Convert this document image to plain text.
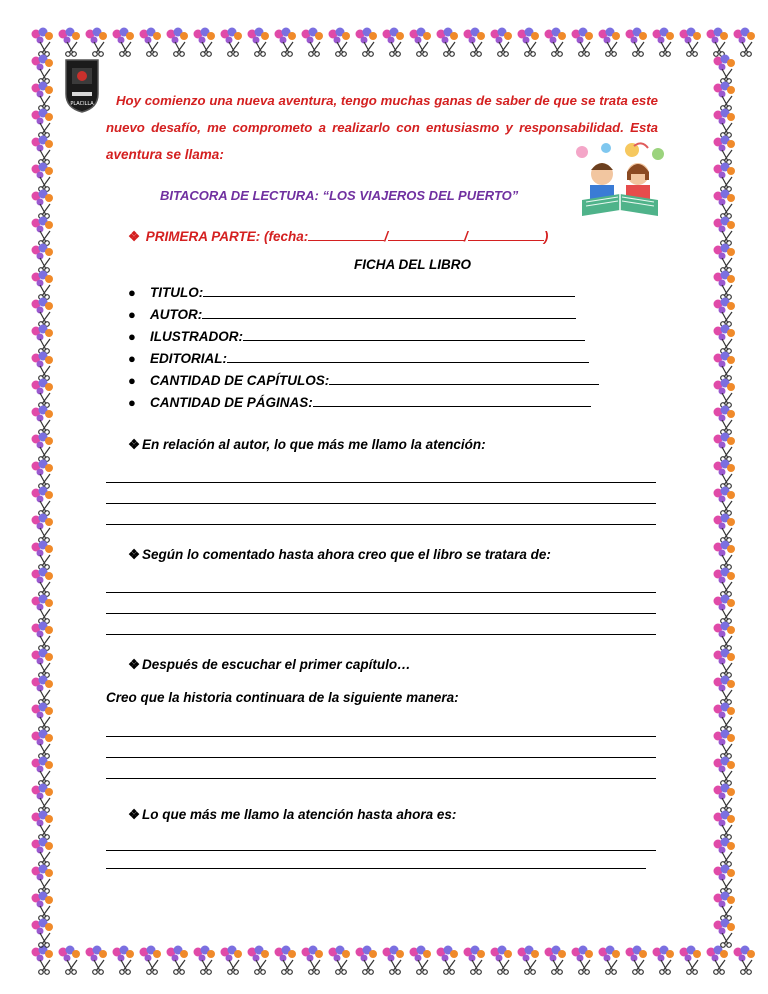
PLACILLA Hoy comienzo una nueva aventura, tengo muchas ganas de saber de que se trata este
nuevo desafío, me comprometo a realizarlo con entusiasmo y responsabilidad. Esta
aventura se llama:
BITACORA DE LECTURA: “LOS VIAJEROS DEL PUERTO”
❖ PRIMERA PARTE: (fecha:	/	/	)
FICHA DEL LIBRO
● TITULO:
● AUTOR:
● ILUSTRADOR:
● EDITORIAL:
● CANTIDAD DE CAPÍTULOS:
● CANTIDAD DE PÁGINAS:
❖ En relación al autor, lo que más me llamo la atención:
❖ Según lo comentado hasta ahora creo que el libro se tratara de:
❖ Después de escuchar el primer capítulo…
Creo que la historia continuara de la siguiente manera:
❖ Lo que más me llamo la atención hasta ahora es:
